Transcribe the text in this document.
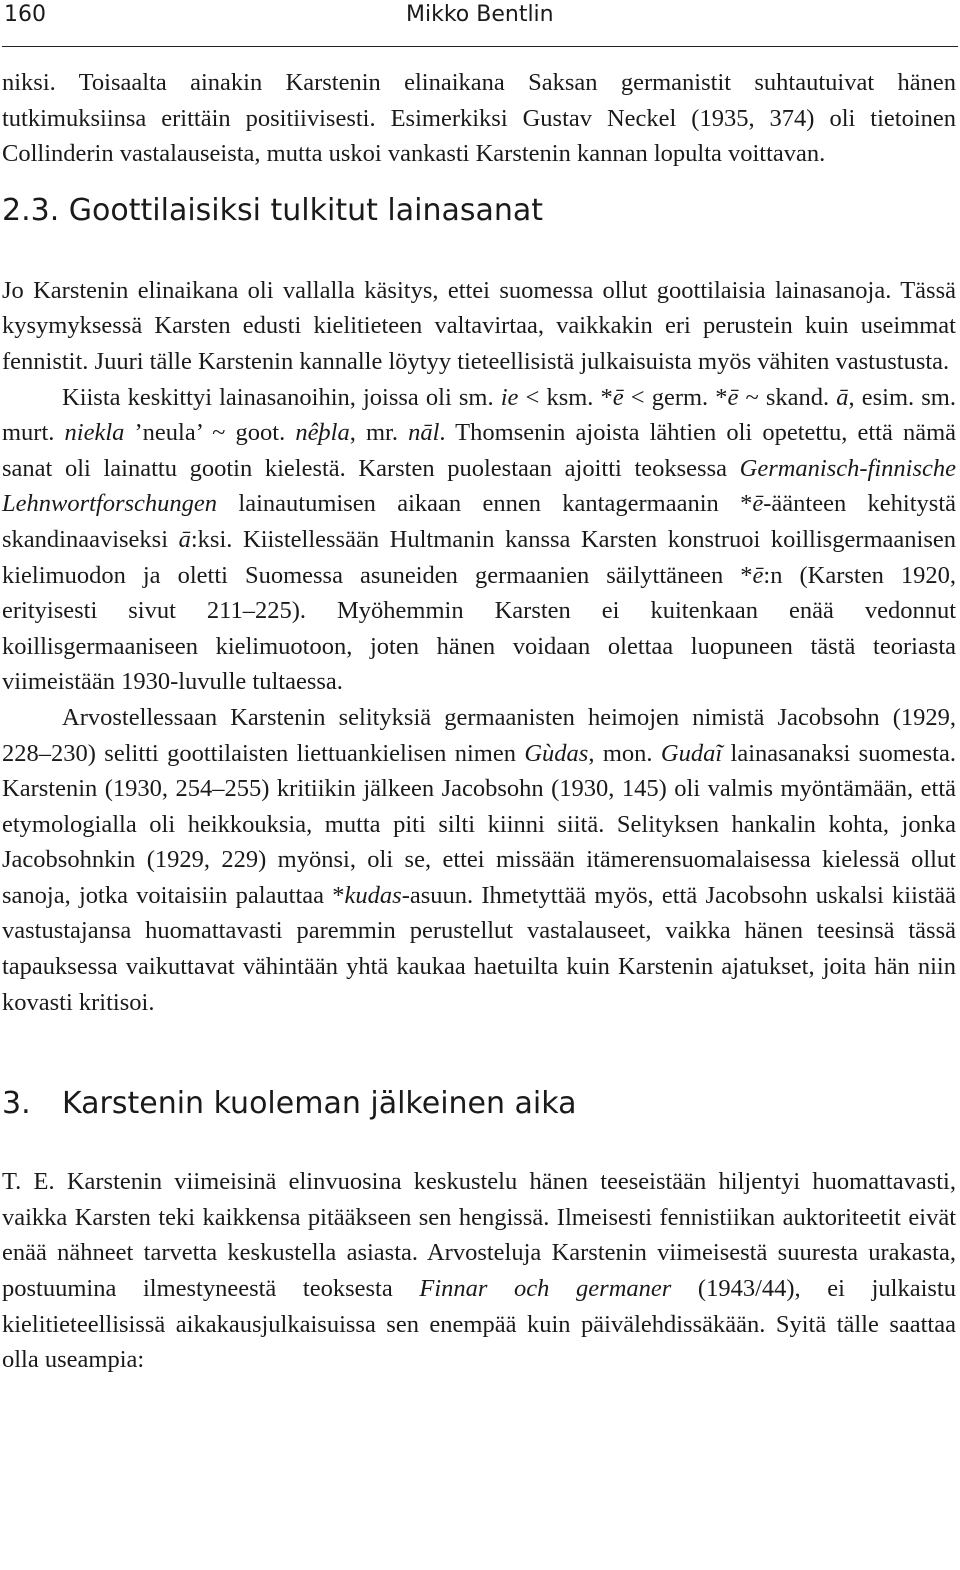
160	Mikko Bentlin

niksi. Toisaalta ainakin Karstenin elinaikana Saksan germanistit suhtautuivat hänen tutkimuksiinsa erittäin positiivisesti. Esimerkiksi Gustav Neckel (1935, 374) oli tietoinen Collinderin vastalauseista, mutta uskoi vankasti Karstenin kannan lopulta voittavan.

2.3. Goottilaisiksi tulkitut lainasanat

Jo Karstenin elinaikana oli vallalla käsitys, ettei suomessa ollut goottilaisia lainasanoja. Tässä kysymyksessä Karsten edusti kielitieteen valtavirtaa, vaikkakin eri perustein kuin useimmat fennistit. Juuri tälle Karstenin kannalle löytyy tieteellisistä julkaisuista myös vähiten vastustusta.

Kiista keskittyi lainasanoihin, joissa oli sm. ie < ksm. *ē < germ. *ē ~ skand. ā, esim. sm. murt. niekla ’neula’ ~ goot. nêþla, mr. nāl. Thomsenin ajoista lähtien oli opetettu, että nämä sanat oli lainattu gootin kielestä. Karsten puolestaan ajoitti teoksessa Germanisch-finnische Lehnwortforschungen lainautumisen aikaan ennen kantagermaanin *ē-äänteen kehitystä skandinaaviseksi ā:ksi. Kiistellessään Hultmanin kanssa Karsten konstruoi koillisgermaanisen kielimuodon ja oletti Suomessa asuneiden germaanien säilyttäneen *ē:n (Karsten 1920, erityisesti sivut 211–225). Myöhemmin Karsten ei kuitenkaan enää vedonnut koillisgermaaniseen kielimuotoon, joten hänen voidaan olettaa luopuneen tästä teoriasta viimeistään 1930-luvulle tultaessa.

Arvostellessaan Karstenin selityksiä germaanisten heimojen nimistä Jacobsohn (1929, 228–230) selitti goottilaisten liettuankielisen nimen Gùdas, mon. Gudaĩ lainasanaksi suomesta. Karstenin (1930, 254–255) kritiikin jälkeen Jacobsohn (1930, 145) oli valmis myöntämään, että etymologialla oli heikkouksia, mutta piti silti kiinni siitä. Selityksen hankalin kohta, jonka Jacobsohnkin (1929, 229) myönsi, oli se, ettei missään itämerensuomalaisessa kielessä ollut sanoja, jotka voitaisiin palauttaa *kudas-asuun. Ihmetyttää myös, että Jacobsohn uskalsi kiistää vastustajansa huomattavasti paremmin perustellut vastalauseet, vaikka hänen teesinsä tässä tapauksessa vaikuttavat vähintään yhtä kaukaa haetuilta kuin Karstenin ajatukset, joita hän niin kovasti kritisoi.

3. Karstenin kuoleman jälkeinen aika

T. E. Karstenin viimeisinä elinvuosina keskustelu hänen teeseistään hiljentyi huomattavasti, vaikka Karsten teki kaikkensa pitääkseen sen hengissä. Ilmeisesti fennistiikan auktoriteetit eivät enää nähneet tarvetta keskustella asiasta. Arvosteluja Karstenin viimeisestä suuresta urakasta, postuumina ilmestyneestä teoksesta Finnar och germaner (1943/44), ei julkaistu kielitieteellisissä aikakausjulkaisuissa sen enempää kuin päivälehdissäkään. Syitä tälle saattaa olla useampia:
